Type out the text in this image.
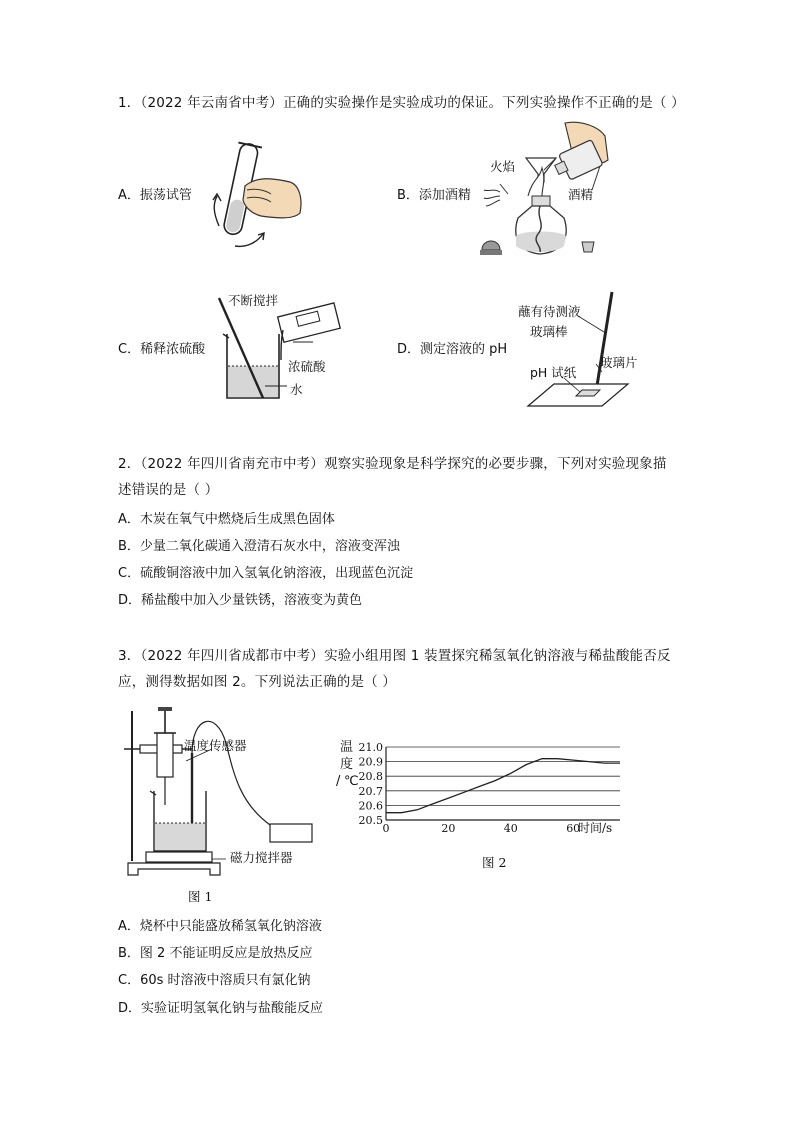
1．（2022 年云南省中考）正确的实验操作是实验成功的保证。下列实验操作不正确的是（ ）
A．振荡试管	B．添加酒精
C．稀释浓硫酸	D．测定溶液的 pH
火焰
酒精
不断搅拌
浓硫酸
水
蘸有待测液
玻璃棒
pH 试纸
玻璃片
2．（2022 年四川省南充市中考）观察实验现象是科学探究的必要步骤，下列对实验现象描
述错误的是（ ）
A．木炭在氧气中燃烧后生成黑色固体
B．少量二氧化碳通入澄清石灰水中，溶液变浑浊
C．硫酸铜溶液中加入氢氧化钠溶液，出现蓝色沉淀
D．稀盐酸中加入少量铁锈，溶液变为黄色
3．（2022 年四川省成都市中考）实验小组用图 1 装置探究稀氢氧化钠溶液与稀盐酸能否反
应，测得数据如图 2。下列说法正确的是（ ）
温度传感器
磁力搅拌器
图 1
温度/℃
温
度
/ ℃
20.5
20.6
20.7
20.8
20.9
21.0
0	20	40	60
时间/s
图 2
A．烧杯中只能盛放稀氢氧化钠溶液
B．图 2 不能证明反应是放热反应
C．60s 时溶液中溶质只有氯化钠
D．实验证明氢氧化钠与盐酸能反应
